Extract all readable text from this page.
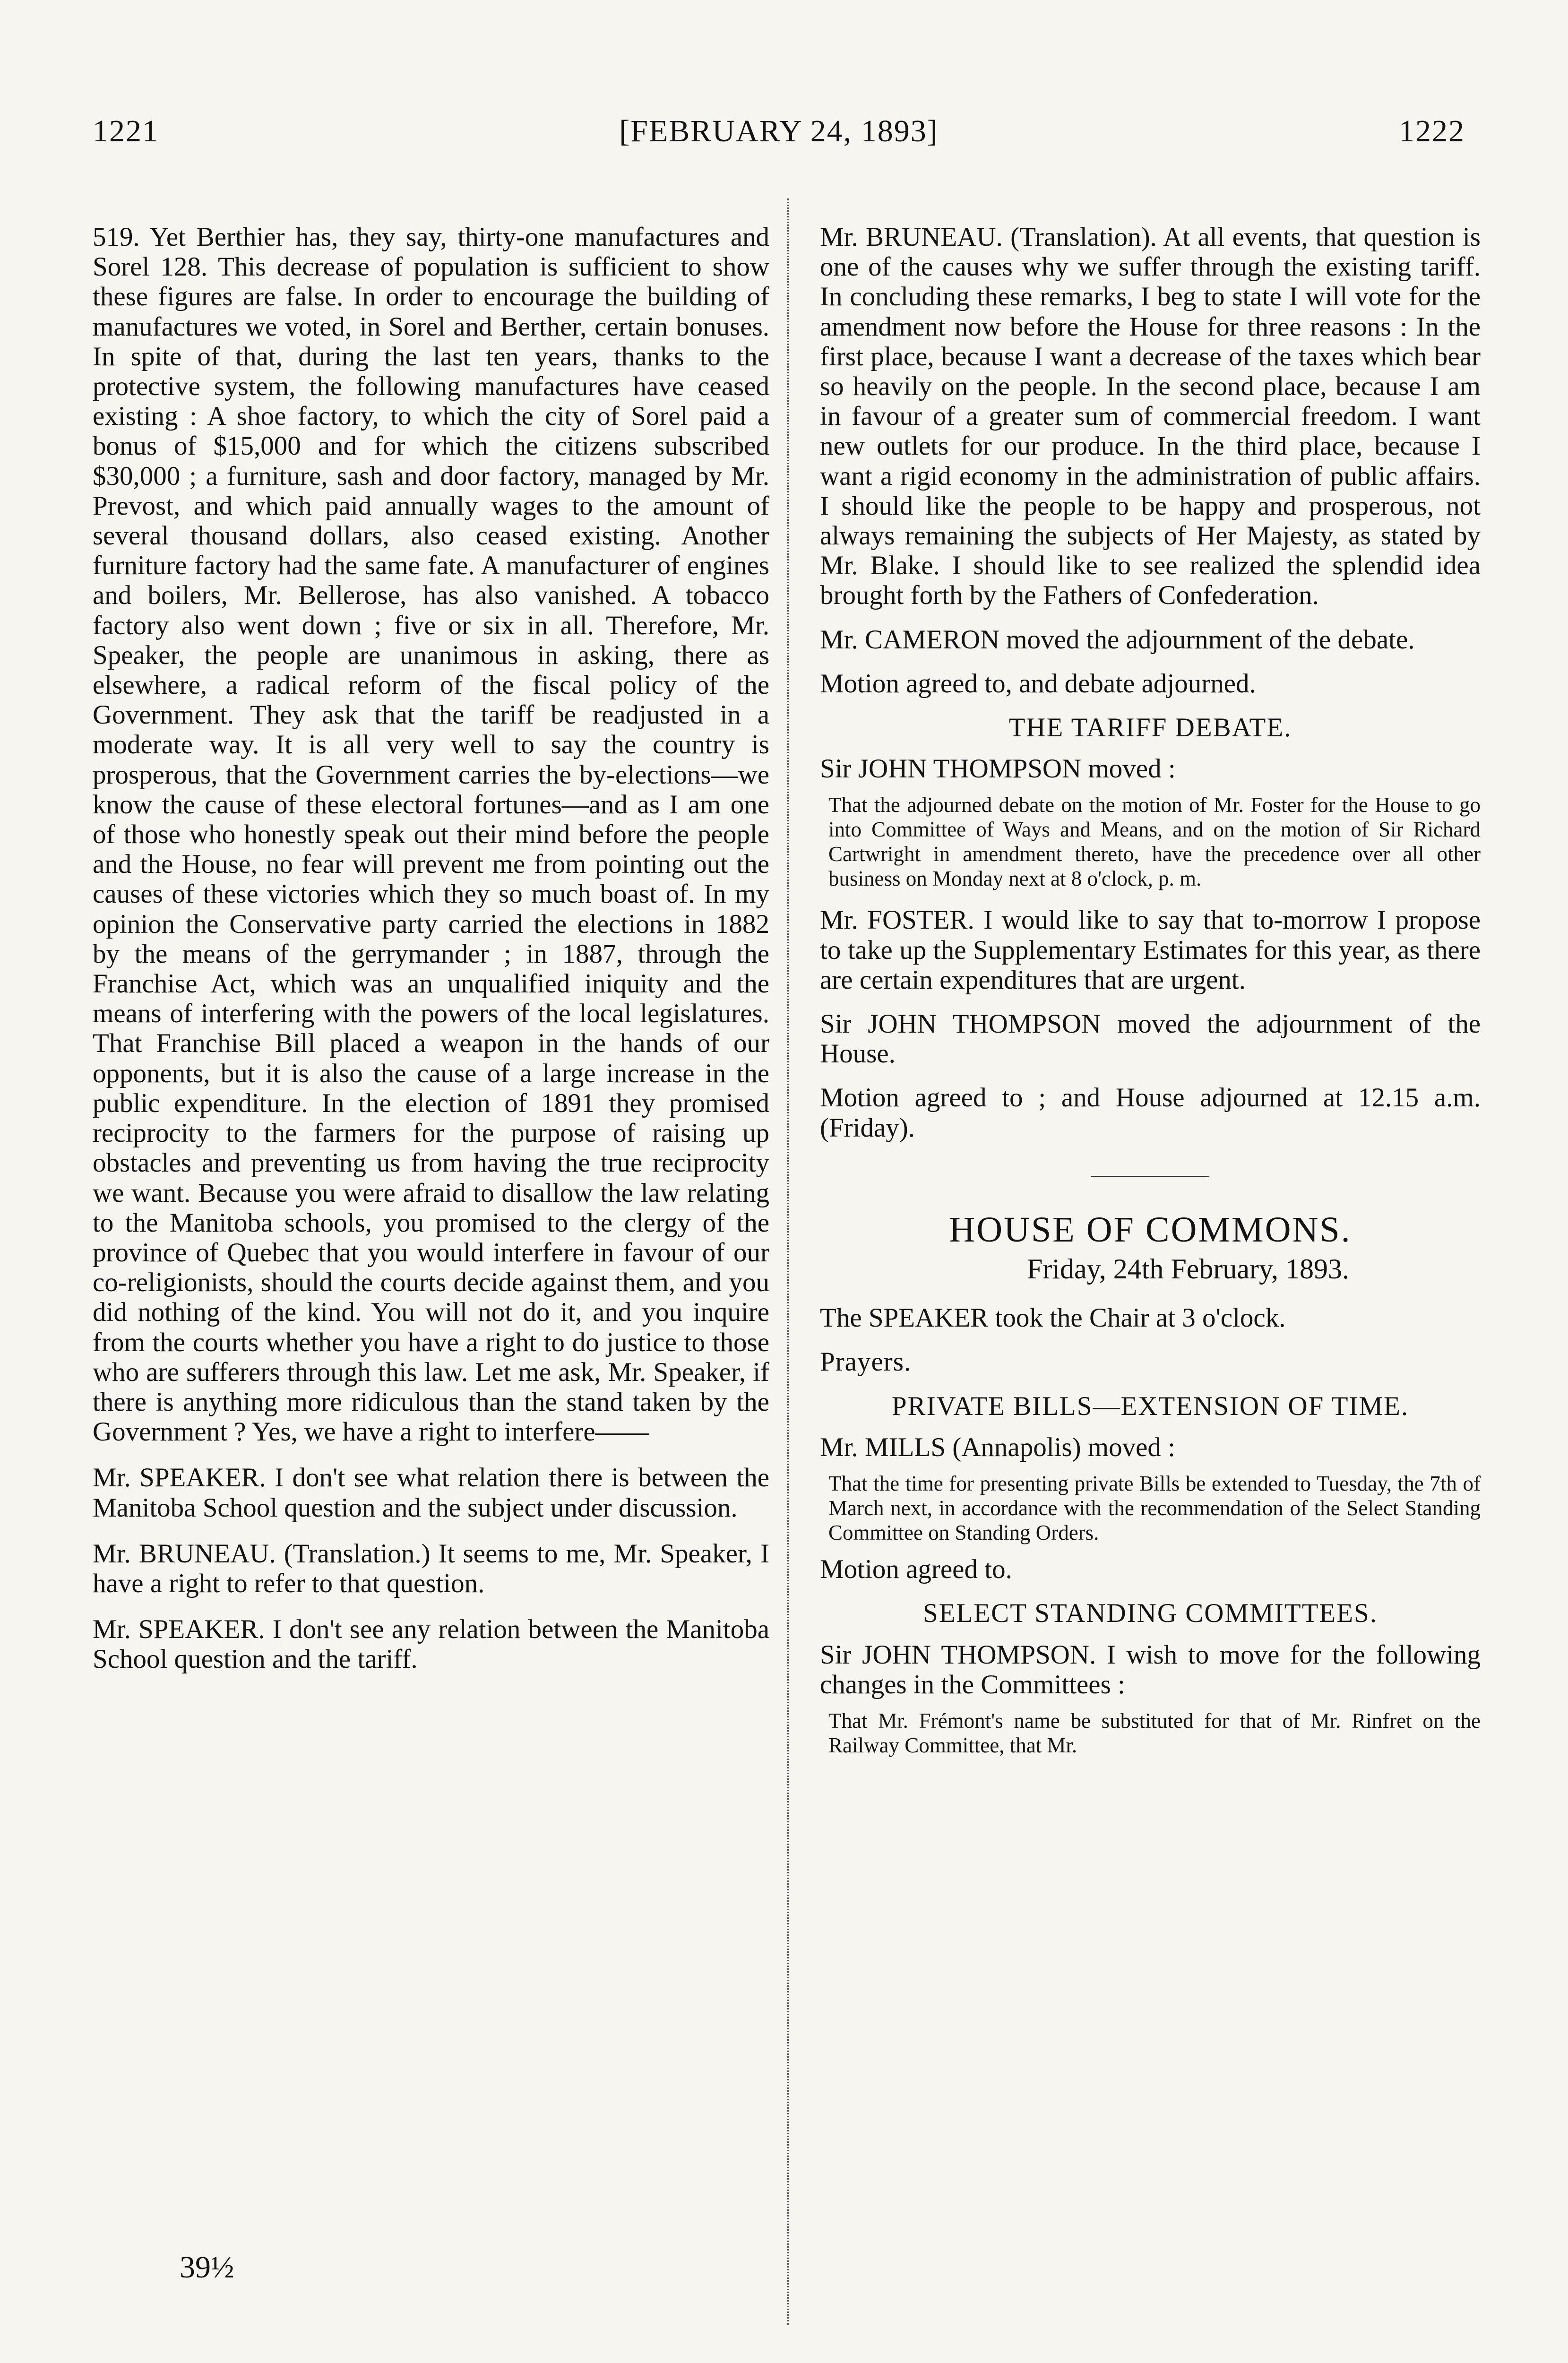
1221	[FEBRUARY 24, 1893]	1222

519. Yet Berthier has, they say, thirty-one manufactures and Sorel 128. This decrease of population is sufficient to show these figures are false. In order to encourage the building of manufactures we voted, in Sorel and Berther, certain bonuses. In spite of that, during the last ten years, thanks to the protective system, the following manufactures have ceased existing : A shoe factory, to which the city of Sorel paid a bonus of $15,000 and for which the citizens subscribed $30,000 ; a furniture, sash and door factory, managed by Mr. Prevost, and which paid annually wages to the amount of several thousand dollars, also ceased existing. Another furniture factory had the same fate. A manufacturer of engines and boilers, Mr. Bellerose, has also vanished. A tobacco factory also went down ; five or six in all. Therefore, Mr. Speaker, the people are unanimous in asking, there as elsewhere, a radical reform of the fiscal policy of the Government. They ask that the tariff be readjusted in a moderate way. It is all very well to say the country is prosperous, that the Government carries the by-elections—we know the cause of these electoral fortunes—and as I am one of those who honestly speak out their mind before the people and the House, no fear will prevent me from pointing out the causes of these victories which they so much boast of. In my opinion the Conservative party carried the elections in 1882 by the means of the gerrymander ; in 1887, through the Franchise Act, which was an unqualified iniquity and the means of interfering with the powers of the local legislatures. That Franchise Bill placed a weapon in the hands of our opponents, but it is also the cause of a large increase in the public expenditure. In the election of 1891 they promised reciprocity to the farmers for the purpose of raising up obstacles and preventing us from having the true reciprocity we want. Because you were afraid to disallow the law relating to the Manitoba schools, you promised to the clergy of the province of Quebec that you would interfere in favour of our co-religionists, should the courts decide against them, and you did nothing of the kind. You will not do it, and you inquire from the courts whether you have a right to do justice to those who are sufferers through this law. Let me ask, Mr. Speaker, if there is anything more ridiculous than the stand taken by the Government ? Yes, we have a right to interfere——

Mr. SPEAKER. I don't see what relation there is between the Manitoba School question and the subject under discussion.

Mr. BRUNEAU. (Translation.) It seems to me, Mr. Speaker, I have a right to refer to that question.

Mr. SPEAKER. I don't see any relation between the Manitoba School question and the tariff.

39½

Mr. BRUNEAU. (Translation). At all events, that question is one of the causes why we suffer through the existing tariff. In concluding these remarks, I beg to state I will vote for the amendment now before the House for three reasons : In the first place, because I want a decrease of the taxes which bear so heavily on the people. In the second place, because I am in favour of a greater sum of commercial freedom. I want new outlets for our produce. In the third place, because I want a rigid economy in the administration of public affairs. I should like the people to be happy and prosperous, not always remaining the subjects of Her Majesty, as stated by Mr. Blake. I should like to see realized the splendid idea brought forth by the Fathers of Confederation.

Mr. CAMERON moved the adjournment of the debate.

Motion agreed to, and debate adjourned.

THE TARIFF DEBATE.

Sir JOHN THOMPSON moved :

That the adjourned debate on the motion of Mr. Foster for the House to go into Committee of Ways and Means, and on the motion of Sir Richard Cartwright in amendment thereto, have the precedence over all other business on Monday next at 8 o'clock, p. m.

Mr. FOSTER. I would like to say that to-morrow I propose to take up the Supplementary Estimates for this year, as there are certain expenditures that are urgent.

Sir JOHN THOMPSON moved the adjournment of the House.

Motion agreed to ; and House adjourned at 12.15 a.m. (Friday).

HOUSE OF COMMONS.

Friday, 24th February, 1893.

The SPEAKER took the Chair at 3 o'clock.

Prayers.

PRIVATE BILLS—EXTENSION OF TIME.

Mr. MILLS (Annapolis) moved :

That the time for presenting private Bills be extended to Tuesday, the 7th of March next, in accordance with the recommendation of the Select Standing Committee on Standing Orders.

Motion agreed to.

SELECT STANDING COMMITTEES.

Sir JOHN THOMPSON. I wish to move for the following changes in the Committees :

That Mr. Frémont's name be substituted for that of Mr. Rinfret on the Railway Committee, that Mr.
